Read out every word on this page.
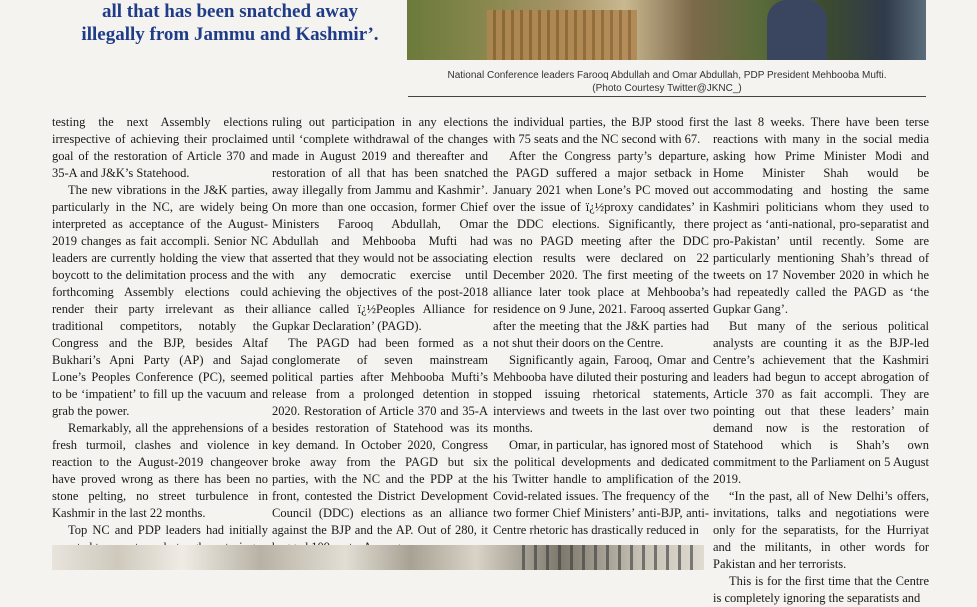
all that has been snatched away
illegally from Jammu and Kashmir’.
National Conference leaders Farooq Abdullah and Omar Abdullah, PDP President Mehbooba Mufti.
(Photo Courtesy Twitter@JKNC_)

testing the next Assembly elections irrespective of achieving their proclaimed goal of the restoration of Article 370 and 35-A and J&K’s Statehood.

The new vibrations in the J&K parties, particularly in the NC, are widely being interpreted as acceptance of the August-2019 changes as fait accompli. Senior NC leaders are currently holding the view that boycott to the delimitation process and the forthcoming Assembly elections could render their party irrelevant as their traditional competitors, notably the Congress and the BJP, besides Altaf Bukhari’s Apni Party (AP) and Sajad Lone’s Peoples Conference (PC), seemed to be ‘impatient’ to fill up the vacuum and grab the power.

Remarkably, all the apprehensions of a fresh turmoil, clashes and violence in reaction to the August-2019 changeover have proved wrong as there has been no stone pelting, no street turbulence in Kashmir in the last 22 months.

Top NC and PDP leaders had initially

ruling out participation in any elections until ‘complete withdrawal of the changes made in August 2019 and thereafter and restoration of all that has been snatched away illegally from Jammu and Kashmir’. On more than one occasion, former Chief Ministers Farooq Abdullah, Omar Abdullah and Mehbooba Mufti had asserted that they would not be associating with any democratic exercise until achieving the objectives of the post-2018 alliance called ï¿½Peoples Alliance for Gupkar Declaration’ (PAGD).

The PAGD had been formed as a conglomerate of seven mainstream political parties after Mehbooba Mufti’s release from a prolonged detention in 2020. Restoration of Article 370 and 35-A besides restoration of Statehood was its key demand. In October 2020, Congress broke away from the PAGD but six parties, with the NC and the PDP at the front, contested the District Development Council (DDC) elections as an alliance against the BJP and the AP. Out of 280, it

the individual parties, the BJP stood first with 75 seats and the NC second with 67.

After the Congress party’s departure, the PAGD suffered a major setback in January 2021 when Lone’s PC moved out over the issue of ï¿½proxy candidates’ in the DDC elections. Significantly, there was no PAGD meeting after the DDC election results were declared on 22 December 2020. The first meeting of the alliance later took place at Mehbooba’s residence on 9 June, 2021. Farooq asserted after the meeting that the J&K parties had not shut their doors on the Centre.

Significantly again, Farooq, Omar and Mehbooba have diluted their posturing and stopped issuing rhetorical statements, interviews and tweets in the last over two months.

Omar, in particular, has ignored most of the political developments and dedicated his Twitter handle to amplification of the Covid-related issues. The frequency of the two former Chief Ministers’ anti-BJP, anti-Centre rhetoric has drastically reduced in

the last 8 weeks. There have been terse reactions with many in the social media asking how Prime Minister Modi and Home Minister Shah would be accommodating and hosting the same Kashmiri politicians whom they used to project as ‘anti-national, pro-separatist and pro-Pakistan’ until recently. Some are particularly mentioning Shah’s thread of tweets on 17 November 2020 in which he had repeatedly called the PAGD as ‘the Gupkar Gang’.

But many of the serious political analysts are counting it as the BJP-led Centre’s achievement that the Kashmiri leaders had begun to accept abrogation of Article 370 as fait accompli. They are pointing out that these leaders’ main demand now is the restoration of Statehood which is Shah’s own commitment to the Parliament on 5 August 2019.

“In the past, all of New Delhi’s offers, invitations, talks and negotiations were only for the separatists, for the Hurriyat and the militants, in other words for Pakistan and her terrorists.

This is for the first time that the Centre is completely ignoring the separatists and
